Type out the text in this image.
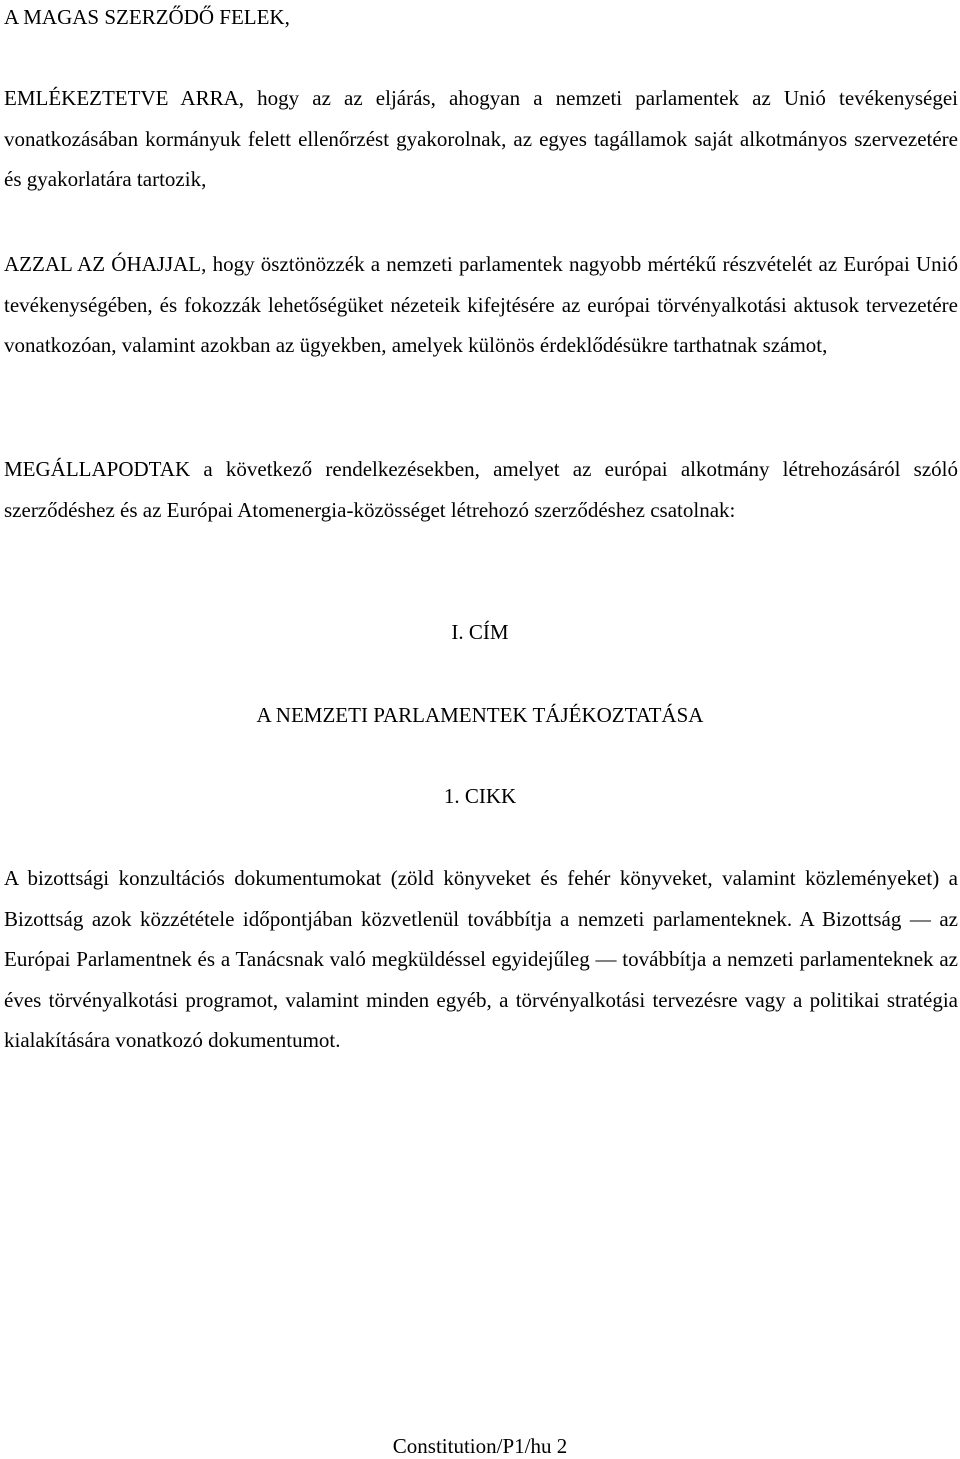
A MAGAS SZERZŐDŐ FELEK,

EMLÉKEZTETVE ARRA, hogy az az eljárás, ahogyan a nemzeti parlamentek az Unió tevékenységei vonatkozásában kormányuk felett ellenőrzést gyakorolnak, az egyes tagállamok saját alkotmányos szervezetére és gyakorlatára tartozik,

AZZAL AZ ÓHAJJAL, hogy ösztönözzék a nemzeti parlamentek nagyobb mértékű részvételét az Európai Unió tevékenységében, és fokozzák lehetőségüket nézeteik kifejtésére az európai törvényalkotási aktusok tervezetére vonatkozóan, valamint azokban az ügyekben, amelyek különös érdeklődésükre tarthatnak számot,

MEGÁLLAPODTAK a következő rendelkezésekben, amelyet az európai alkotmány létrehozásáról szóló szerződéshez és az Európai Atomenergia-közösséget létrehozó szerződéshez csatolnak:

I. CÍM

A NEMZETI PARLAMENTEK TÁJÉKOZTATÁSA

1. CIKK

A bizottsági konzultációs dokumentumokat (zöld könyveket és fehér könyveket, valamint közleményeket) a Bizottság azok közzététele időpontjában közvetlenül továbbítja a nemzeti parlamenteknek. A Bizottság ― az Európai Parlamentnek és a Tanácsnak való megküldéssel egyidejűleg ― továbbítja a nemzeti parlamenteknek az éves törvényalkotási programot, valamint minden egyéb, a törvényalkotási tervezésre vagy a politikai stratégia kialakítására vonatkozó dokumentumot.

Constitution/P1/hu 2
